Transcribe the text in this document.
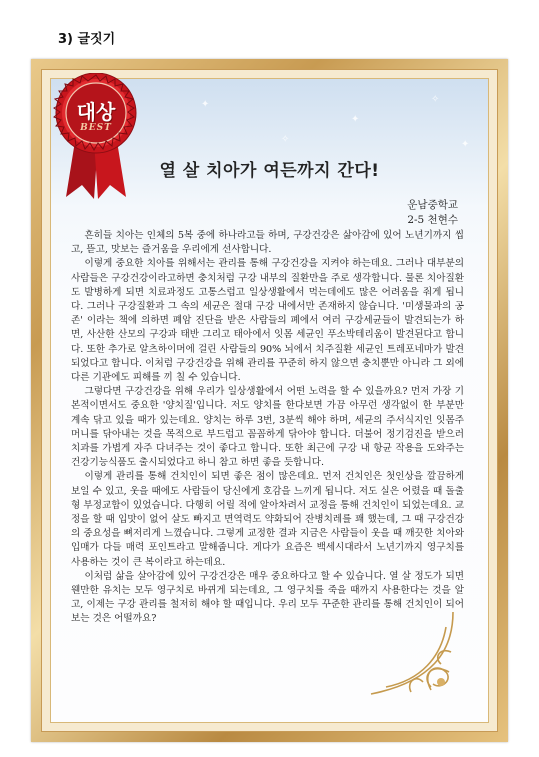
3) 글짓기
✦
✦
✧
✧	✦
열 살 치아가 여든까지 간다!
운남중학교
2-5 천현수

흔히들 치아는 인체의 5복 중에 하나라고들 하며, 구강건강은 삶아감에 있어 노년기까지 씹고, 뜯고, 맛보는 즐거움을 우리에게 선사합니다.

이렇게 중요한 치아를 위해서는 관리를 통해 구강건강을 지켜야 하는데요. 그러나 대부분의 사람들은 구강건강이라고하면 충치처럼 구강 내부의 질환만을 주로 생각합니다. 물론 치아질환도 발병하게 되면 치료과정도 고통스럽고 일상생활에서 먹는데에도 많은 어려움을 줘게 됩니다. 그러나 구강질환과 그 속의 세균은 절대 구강 내에서만 존재하지 않습니다. '미생물과의 공존' 이라는 책에 의하면 폐암 진단을 받은 사람들의 폐에서 여러 구강세균들이 발견되는가 하면, 사산한 산모의 구강과 태반 그리고 태아에서 잇몸 세균인 푸소박테리움이 발견된다고 합니다. 또한 추가로 알츠하이머에 걸린 사람들의 90% 뇌에서 치주질환 세균인 트레포네마가 발견되었다고 합니다. 이처럼 구강건강을 위해 관리를 꾸준히 하지 않으면 충치뿐만 아니라 그 외에 다른 기관에도 피해를 끼 칠 수 있습니다.

그렇다면 구강건강을 위해 우리가 일상생활에서 어떤 노력을 할 수 있을까요? 먼저 가장 기본적이면서도 중요한 '양치질'입니다. 저도 양치를 한다보면 가끔 아무런 생각없이 한 부분만 계속 닦고 있을 때가 있는데요. 양치는 하루 3번, 3분씩 해야 하며, 세균의 주서식지인 잇몸주머니를 닦아내는 것을 목적으로 부드럽고 꼼꼼하게 닦아야 합니다. 더불어 정기검진을 받으러 치과를 가볍게 자주 다녀주는 것이 좋다고 합니다. 또한 최근에 구강 내 항균 작용을 도와주는 건강기능식품도 출시되었다고 하니 참고 하면 좋을 듯합니다.

이렇게 관리를 통해 건치인이 되면 좋은 점이 많은데요. 먼저 건치인은 첫인상을 깔끔하게 보일 수 있고, 웃을 때에도 사람들이 당신에게 호감을 느끼게 됩니다. 저도 실은 어렸을 때 돌출형 부정교합이 있었습니다. 다행히 어릴 적에 알아차려서 교정을 통해 건치인이 되었는데요. 교정을 할 때 입맛이 없어 살도 빠지고 면역력도 약화되어 잔병치레를 꽤 했는데, 그 때 구강건강의 중요성을 뼈저리게 느꼈습니다. 그렇게 교정한 결과 지금은 사람들이 웃을 때 깨끗한 치아와 입매가 다들 매력 포인트라고 말해줍니다. 게다가 요즘은 백세시대라서 노년기까지 영구치를 사용하는 것이 큰 복이라고 하는데요.

이처럼 삶을 살아감에 있어 구강건강은 매우 중요하다고 할 수 있습니다. 열 살 정도가 되면 웬만한 유치는 모두 영구치로 바뀌게 되는데요, 그 영구치를 죽을 때까지 사용한다는 것을 알고, 이제는 구강 관리를 철저히 해야 할 때입니다. 우리 모두 꾸준한 관리를 통해 건치인이 되어 보는 것은 어떨까요?

대상
BEST
